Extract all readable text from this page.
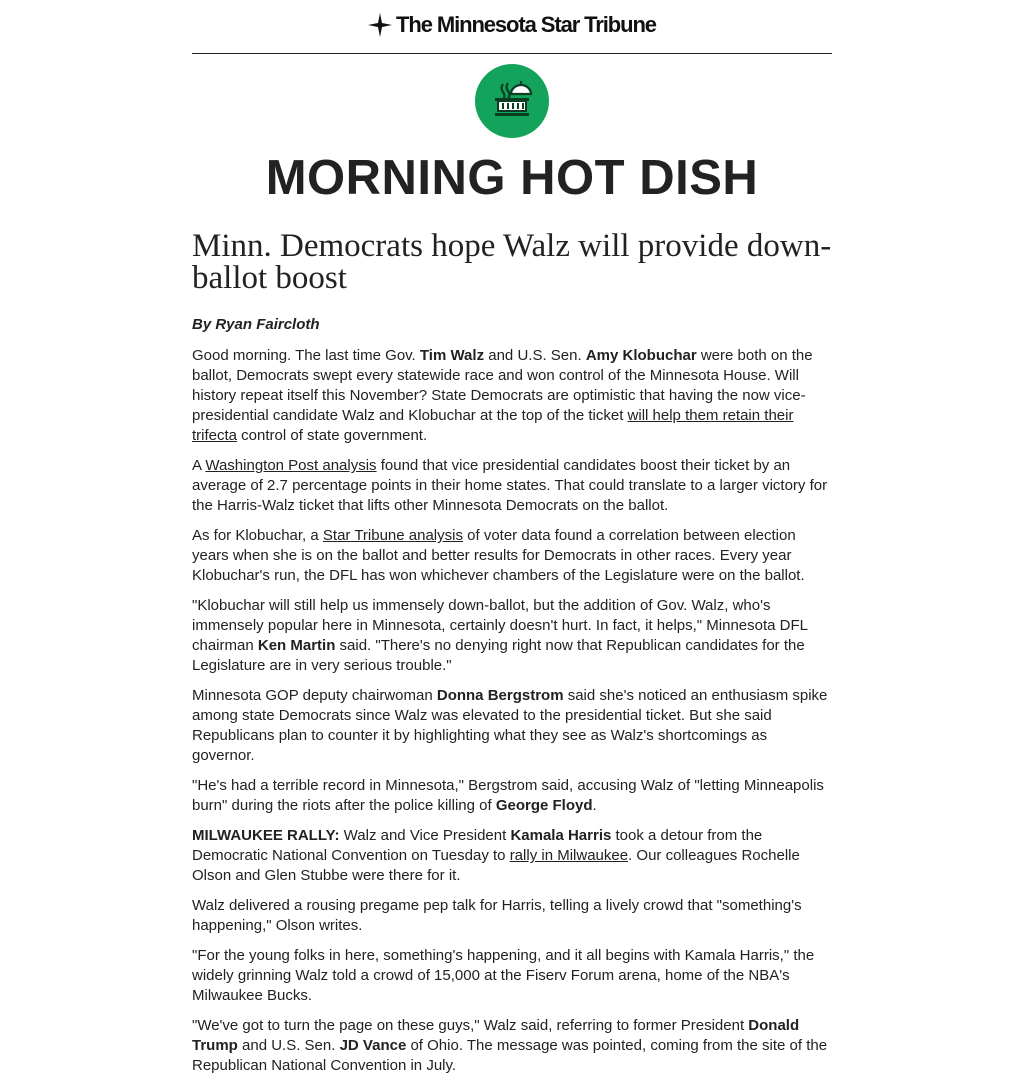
The Minnesota Star Tribune
MORNING HOT DISH
Minn. Democrats hope Walz will provide down-ballot boost
By Ryan Faircloth

Good morning. The last time Gov. Tim Walz and U.S. Sen. Amy Klobuchar were both on the ballot, Democrats swept every statewide race and won control of the Minnesota House. Will history repeat itself this November? State Democrats are optimistic that having the now vice-presidential candidate Walz and Klobuchar at the top of the ticket will help them retain their trifecta control of state government.

A Washington Post analysis found that vice presidential candidates boost their ticket by an average of 2.7 percentage points in their home states. That could translate to a larger victory for the Harris-Walz ticket that lifts other Minnesota Democrats on the ballot.

As for Klobuchar, a Star Tribune analysis of voter data found a correlation between election years when she is on the ballot and better results for Democrats in other races. Every year Klobuchar's run, the DFL has won whichever chambers of the Legislature were on the ballot.

"Klobuchar will still help us immensely down-ballot, but the addition of Gov. Walz, who's immensely popular here in Minnesota, certainly doesn't hurt. In fact, it helps," Minnesota DFL chairman Ken Martin said. "There's no denying right now that Republican candidates for the Legislature are in very serious trouble."

Minnesota GOP deputy chairwoman Donna Bergstrom said she's noticed an enthusiasm spike among state Democrats since Walz was elevated to the presidential ticket. But she said Republicans plan to counter it by highlighting what they see as Walz's shortcomings as governor.

"He's had a terrible record in Minnesota," Bergstrom said, accusing Walz of "letting Minneapolis burn" during the riots after the police killing of George Floyd.

MILWAUKEE RALLY: Walz and Vice President Kamala Harris took a detour from the Democratic National Convention on Tuesday to rally in Milwaukee. Our colleagues Rochelle Olson and Glen Stubbe were there for it.

Walz delivered a rousing pregame pep talk for Harris, telling a lively crowd that "something's happening," Olson writes.

"For the young folks in here, something's happening, and it all begins with Kamala Harris," the widely grinning Walz told a crowd of 15,000 at the Fiserv Forum arena, home of the NBA's Milwaukee Bucks.

"We've got to turn the page on these guys," Walz said, referring to former President Donald Trump and U.S. Sen. JD Vance of Ohio. The message was pointed, coming from the site of the Republican National Convention in July.
